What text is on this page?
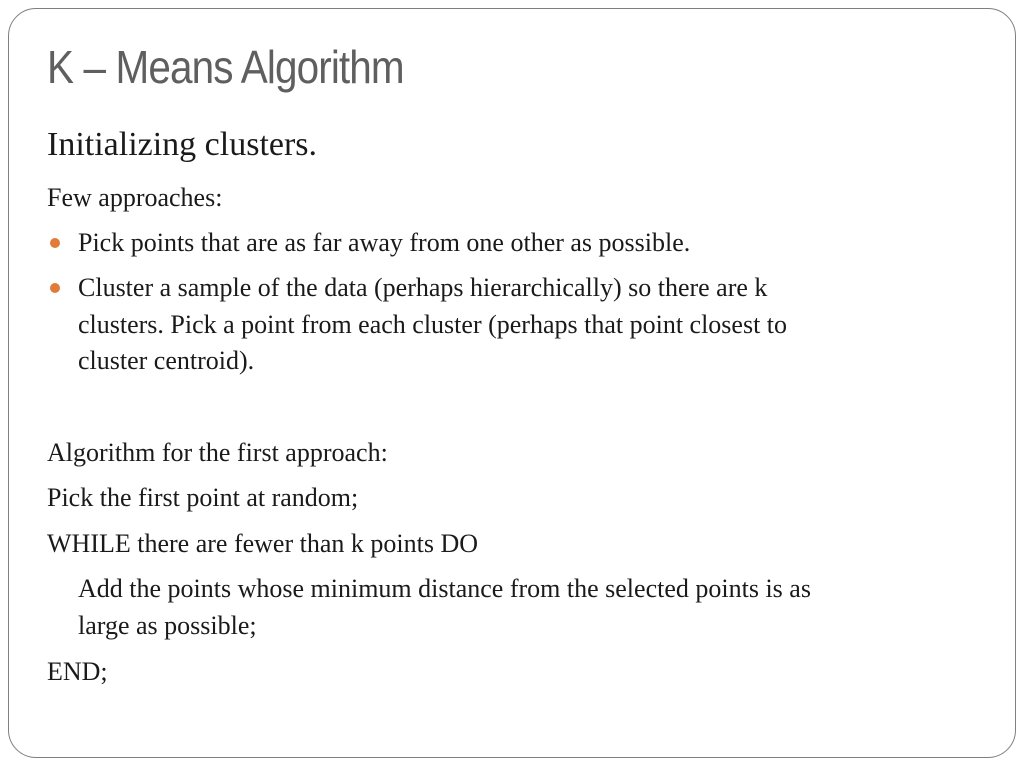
K – Means Algorithm
Initializing clusters.
Few approaches:
Pick points that are as far away from one other as possible.
Cluster a sample of the data (perhaps hierarchically) so there are k
clusters. Pick a point from each cluster (perhaps that point closest to
cluster centroid).
Algorithm for the first approach:
Pick the first point at random;
WHILE there are fewer than k points DO
Add the points whose minimum distance from the selected points is as
large as possible;
END;
